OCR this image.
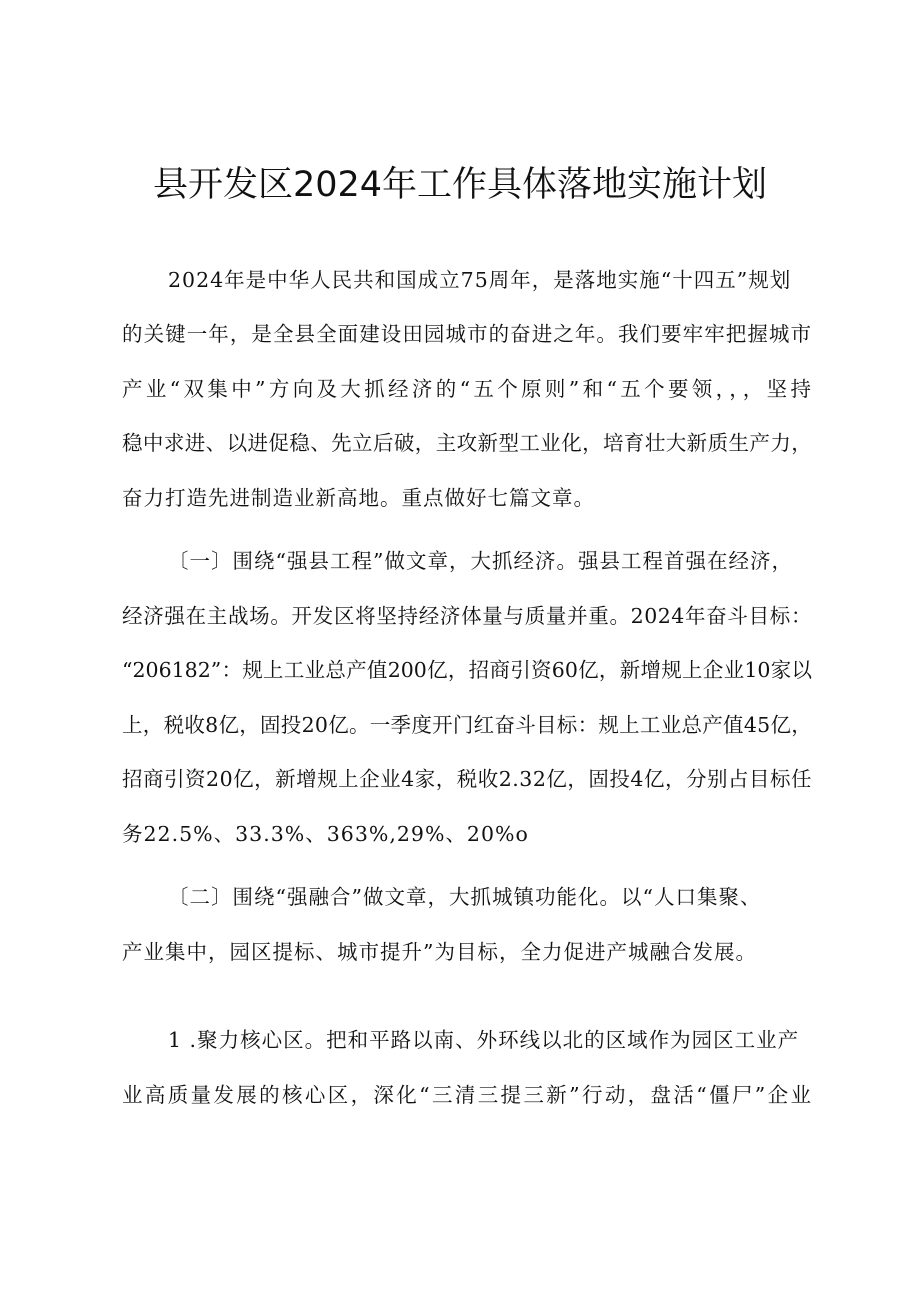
县开发区2024年工作具体落地实施计划
2024年是中华人民共和国成立75周年，是落地实施“十四五”规划
的关键一年，是全县全面建设田园城市的奋进之年。我们要牢牢把握城市
产业“双集中”方向及大抓经济的“五个原则”和“五个要领，，，坚持
稳中求进、以进促稳、先立后破，主攻新型工业化，培育壮大新质生产力，
奋力打造先进制造业新高地。重点做好七篇文章。
〔一〕围绕“强县工程”做文章，大抓经济。强县工程首强在经济，
经济强在主战场。开发区将坚持经济体量与质量并重。2024年奋斗目标：
“206182”：规上工业总产值200亿，招商引资60亿，新增规上企业10家以
上，税收8亿，固投20亿。一季度开门红奋斗目标：规上工业总产值45亿，
招商引资20亿，新增规上企业4家，税收2.32亿，固投4亿，分别占目标任
务22.5%、33.3%、363%,29%、20%o
〔二〕围绕“强融合”做文章，大抓城镇功能化。以“人口集聚、
产业集中，园区提标、城市提升”为目标，全力促进产城融合发展。
1 .聚力核心区。把和平路以南、外环线以北的区域作为园区工业产
业高质量发展的核心区，深化“三清三提三新”行动，盘活“僵尸”企业
